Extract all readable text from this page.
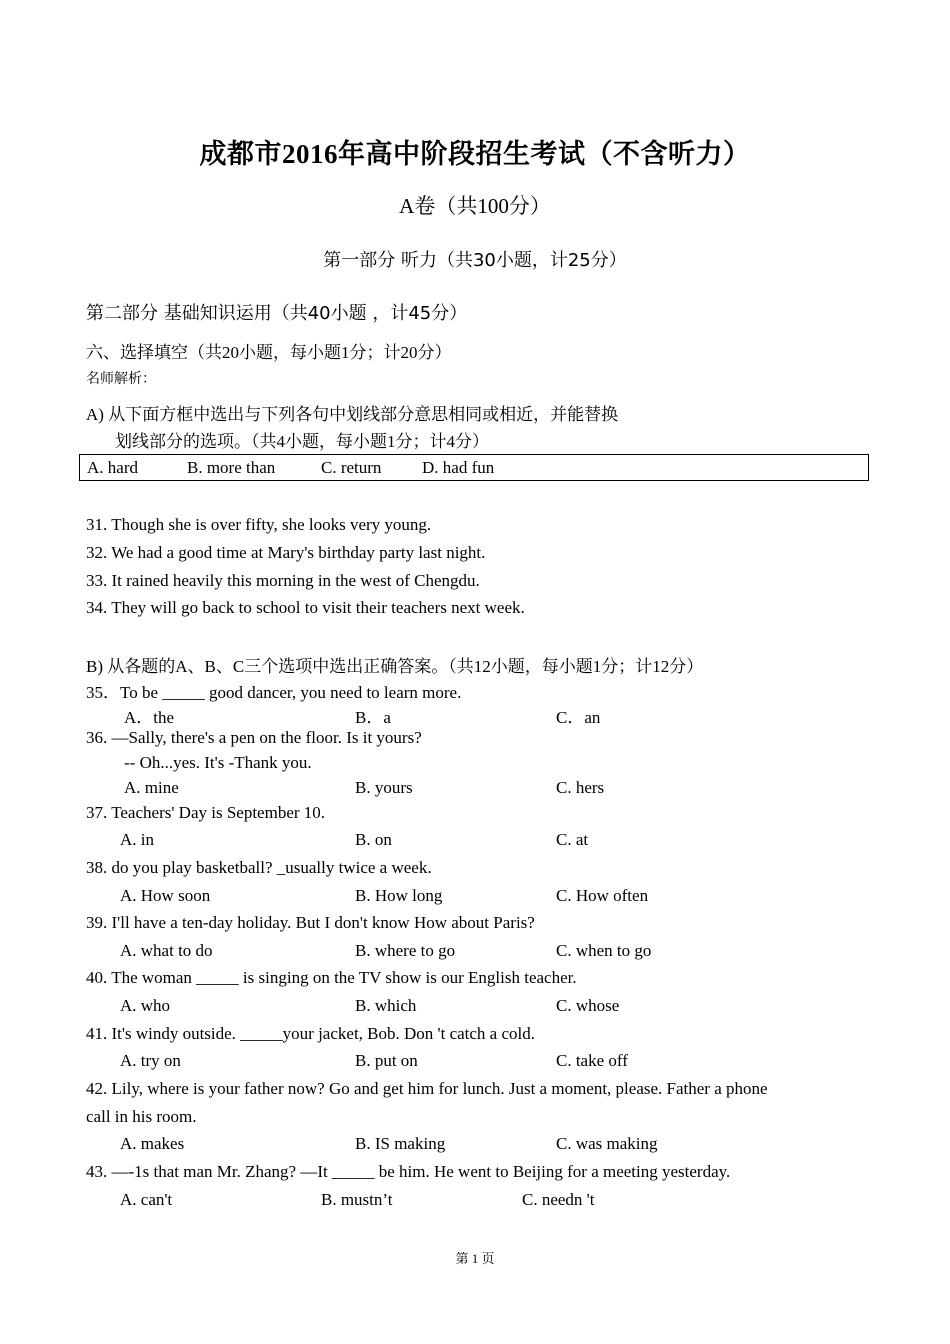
成都市2016年高中阶段招生考试（不含听力）
A卷（共100分）
第一部分 听力（共30小题，计25分）
第二部分 基础知识运用（共40小题 ，计45分）
六、选择填空（共20小题，每小题1分；计20分）
名师解析：
A) 从下面方框中选出与下列各句中划线部分意思相同或相近，并能替换
划线部分的选项。（共4小题，每小题1分；计4分）
A. hard	B. more than	C. return D. had fun
31. Though she is over fifty, she looks very young.
32. We had a good time at Mary's birthday party last night.
33. It rained heavily this morning in the west of Chengdu.
34. They will go back to school to visit their teachers next week.
B) 从各题的A、B、C三个选项中选出正确答案。（共12小题，每小题1分；计12分）
35．To be _____ good dancer, you need to learn more.
A．the	B．a	C．an
36. —Sally, there's a pen on the floor. Is it yours?
-- Oh...yes. It's -Thank you.
A. mine	B. yours	C. hers
37. Teachers' Day is September 10.
A. in	B. on	C. at
38. do you play basketball? _usually twice a week.
A. How soon	B. How long	C. How often
39. I'll have a ten-day holiday. But I don't know How about Paris?
A. what to do	B. where to go	C. when to go
40. The woman _____ is singing on the TV show is our English teacher.
A. who	B. which	C. whose
41. It's windy outside. _____your jacket, Bob. Don 't catch a cold.
A. try on	B. put on	C. take off
42. Lily, where is your father now? Go and get him for lunch. Just a moment, please. Father a phone
call in his room.
A. makes	B. IS making	C. was making
43. —-1s that man Mr. Zhang? —It _____ be him. He went to Beijing for a meeting yesterday.
A. can't	B. mustn’t	C. needn 't
第 1 页
